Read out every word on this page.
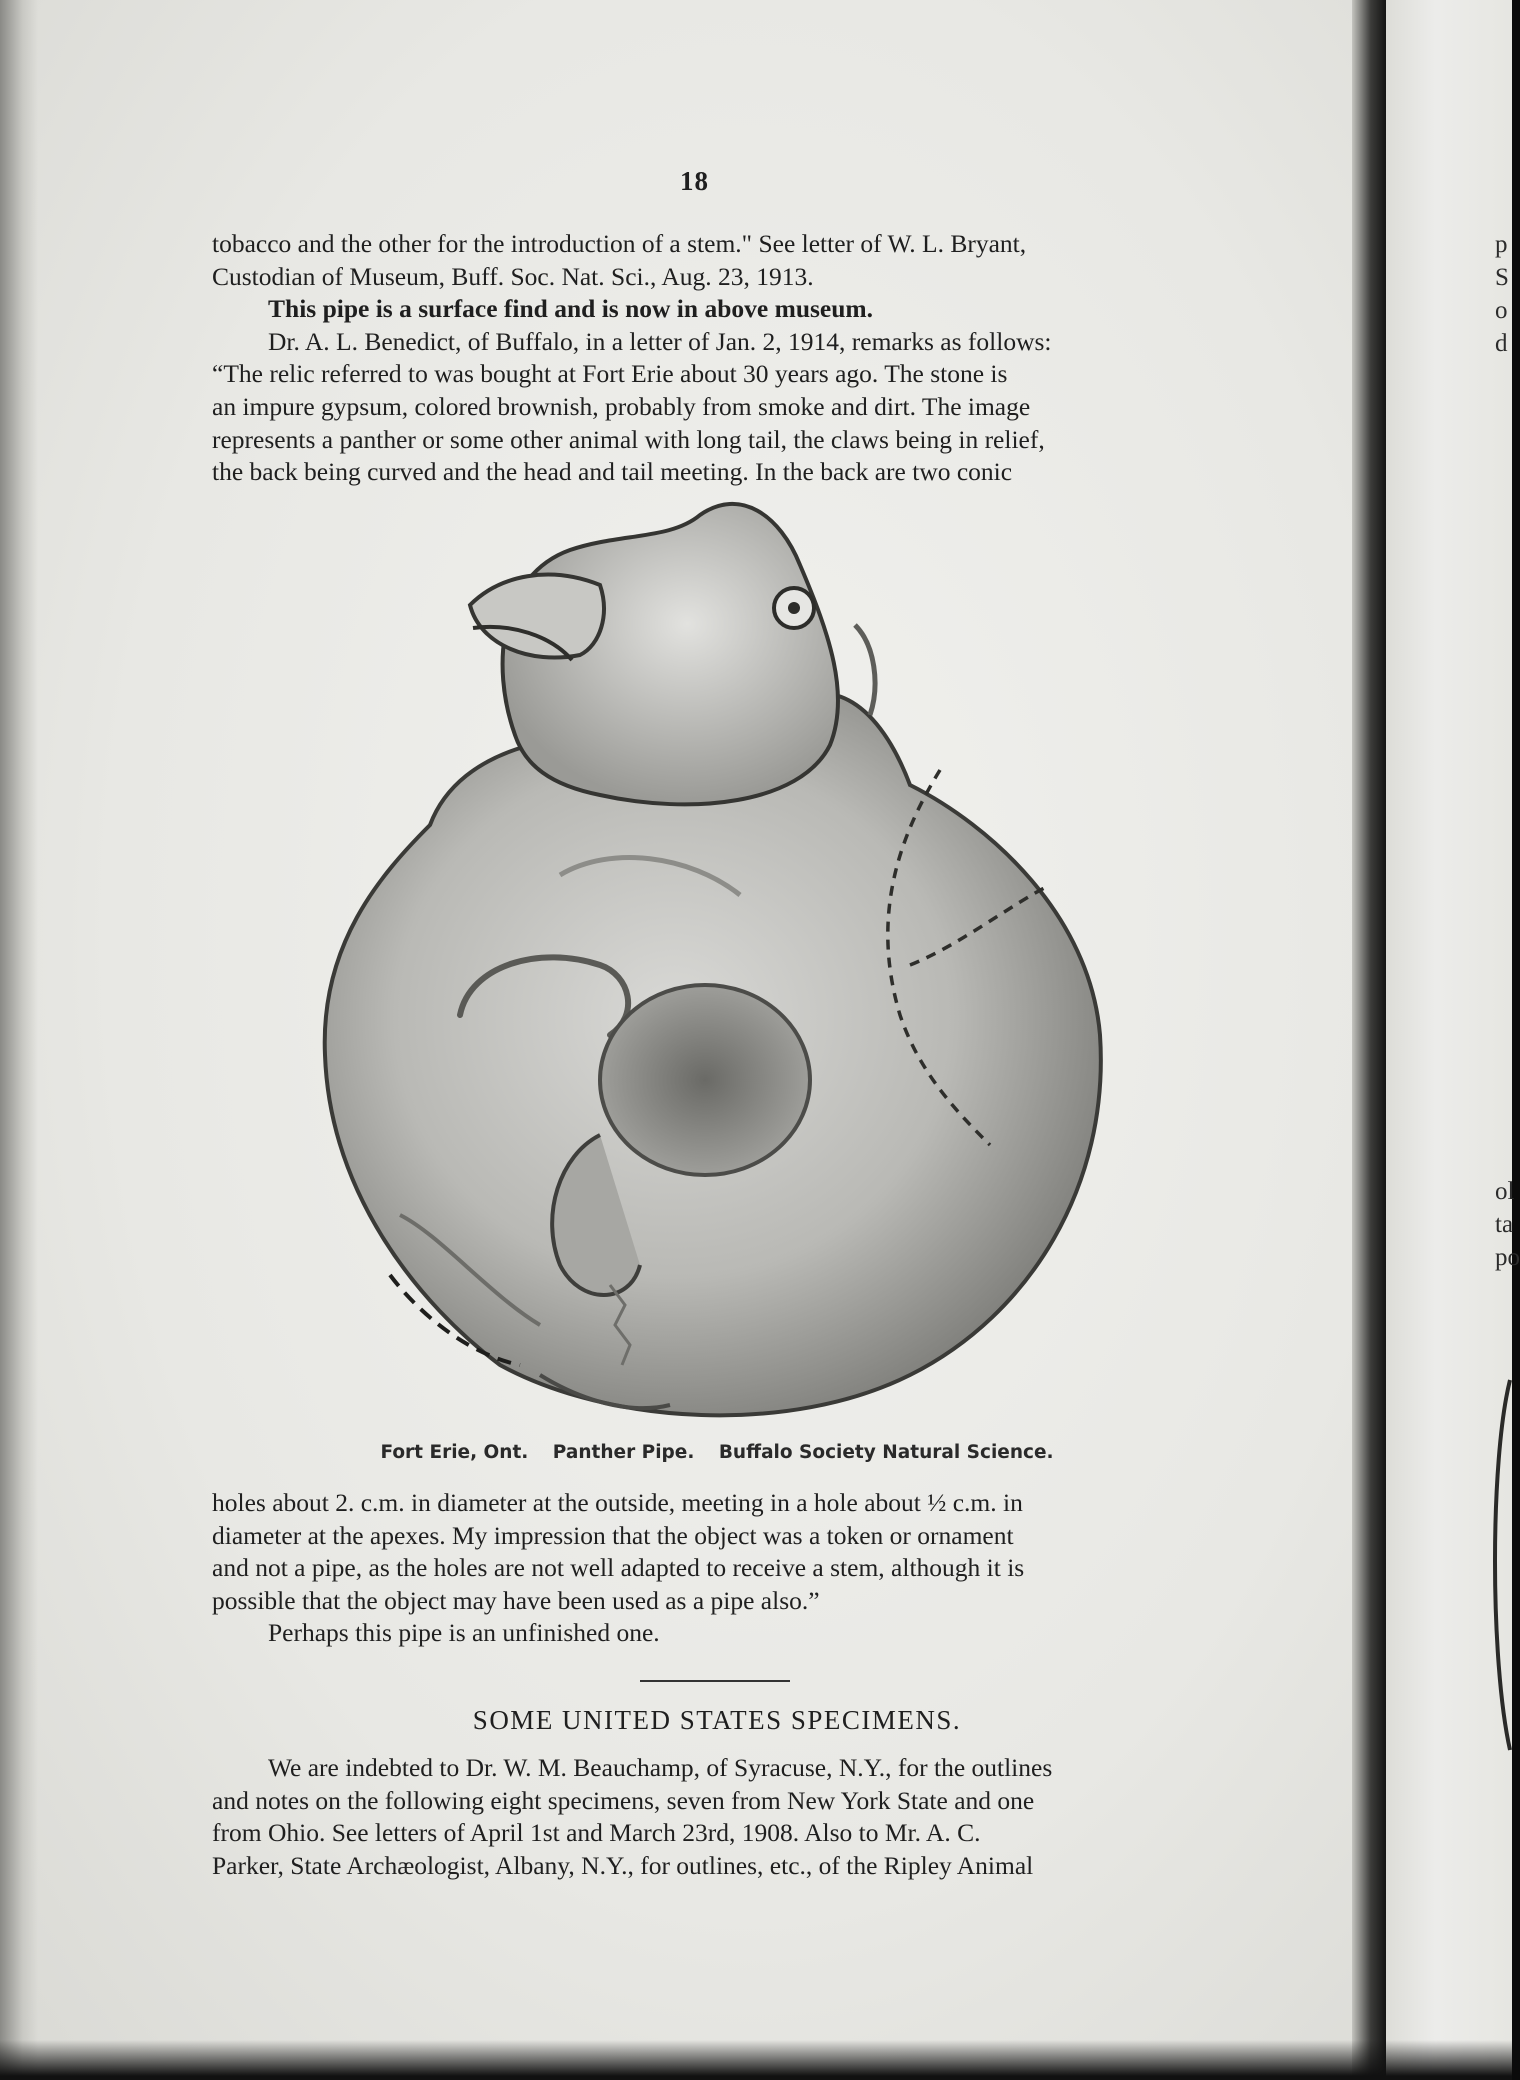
18

tobacco and the other for the introduction of a stem." See letter of W. L. Bryant,

Custodian of Museum, Buff. Soc. Nat. Sci., Aug. 23, 1913.

This pipe is a surface find and is now in above museum.

Dr. A. L. Benedict, of Buffalo, in a letter of Jan. 2, 1914, remarks as follows:

“The relic referred to was bought at Fort Erie about 30 years ago. The stone is

an impure gypsum, colored brownish, probably from smoke and dirt. The image

represents a panther or some other animal with long tail, the claws being in relief,

the back being curved and the head and tail meeting. In the back are two conic

Fort Erie, Ont. Panther Pipe. Buffalo Society Natural Science.

holes about 2. c.m. in diameter at the outside, meeting in a hole about ½ c.m. in

diameter at the apexes. My impression that the object was a token or ornament

and not a pipe, as the holes are not well adapted to receive a stem, although it is

possible that the object may have been used as a pipe also.”

Perhaps this pipe is an unfinished one.

SOME UNITED STATES SPECIMENS.

We are indebted to Dr. W. M. Beauchamp, of Syracuse, N.Y., for the outlines

and notes on the following eight specimens, seven from New York State and one

from Ohio. See letters of April 1st and March 23rd, 1908. Also to Mr. A. C.

Parker, State Archæologist, Albany, N.Y., for outlines, etc., of the Ripley Animal

p
S
o
d
ol
ta
po
